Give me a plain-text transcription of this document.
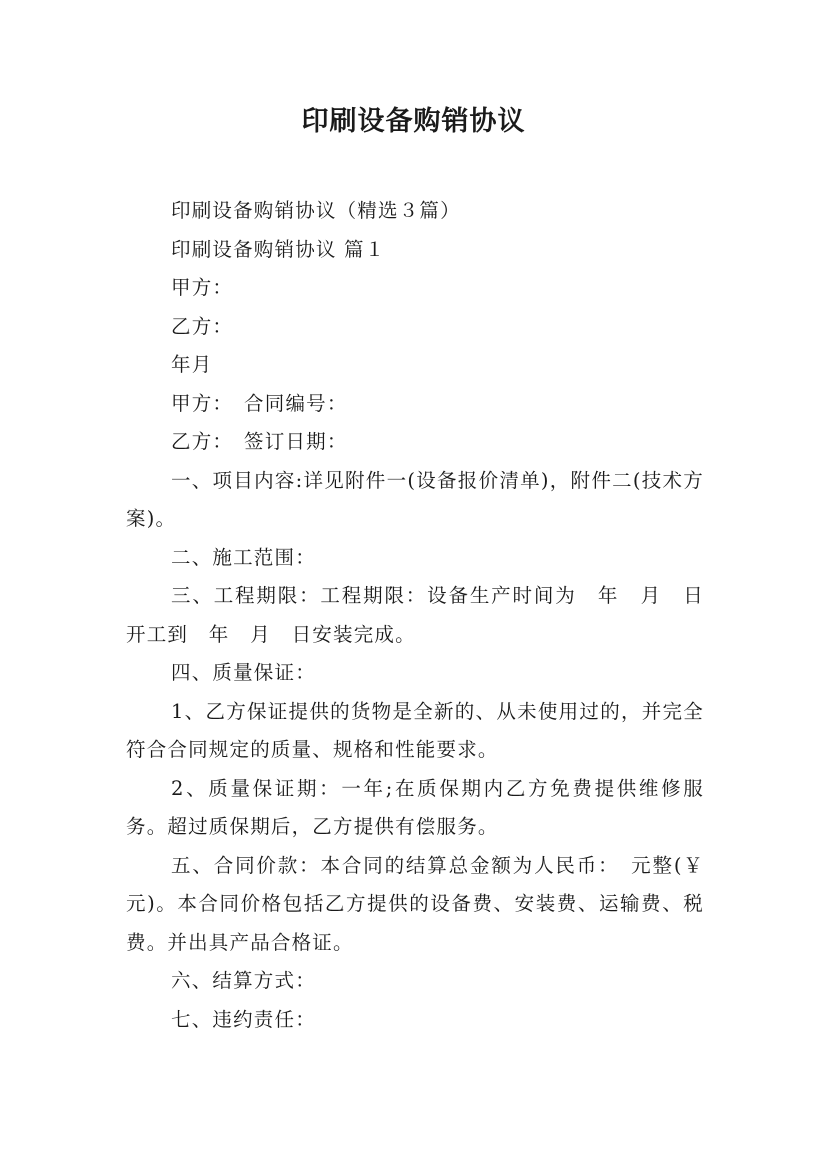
印刷设备购销协议

印刷设备购销协议（精选３篇）

印刷设备购销协议 篇１

甲方：

乙方：

年月

甲方：　合同编号：

乙方：　签订日期：

一、项目内容:详见附件一(设备报价清单)，附件二(技术方案)。

二、施工范围：

三、工程期限：工程期限：设备生产时间为　年　月　日开工到　年　月　日安装完成。

四、质量保证：

1、乙方保证提供的货物是全新的、从未使用过的，并完全符合合同规定的质量、规格和性能要求。

2、质量保证期：一年;在质保期内乙方免费提供维修服务。超过质保期后，乙方提供有偿服务。

五、合同价款：本合同的结算总金额为人民币：　元整(￥　元)。本合同价格包括乙方提供的设备费、安装费、运输费、税费。并出具产品合格证。

六、结算方式：

七、违约责任：
